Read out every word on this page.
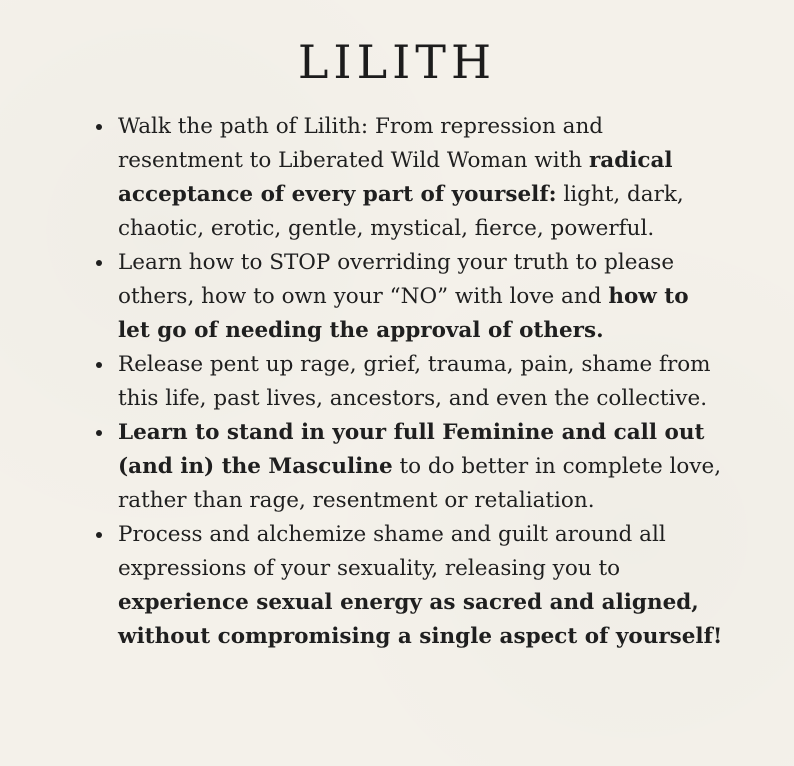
LILITH
Walk the path of Lilith: From repression and
resentment to Liberated Wild Woman with radical
acceptance of every part of yourself: light, dark,
chaotic, erotic, gentle, mystical, fierce, powerful.
Learn how to STOP overriding your truth to please
others, how to own your “NO” with love and how to
let go of needing the approval of others.
Release pent up rage, grief, trauma, pain, shame from
this life, past lives, ancestors, and even the collective.
Learn to stand in your full Feminine and call out
(and in) the Masculine to do better in complete love,
rather than rage, resentment or retaliation.
Process and alchemize shame and guilt around all
expressions of your sexuality, releasing you to
experience sexual energy as sacred and aligned,
without compromising a single aspect of yourself!
